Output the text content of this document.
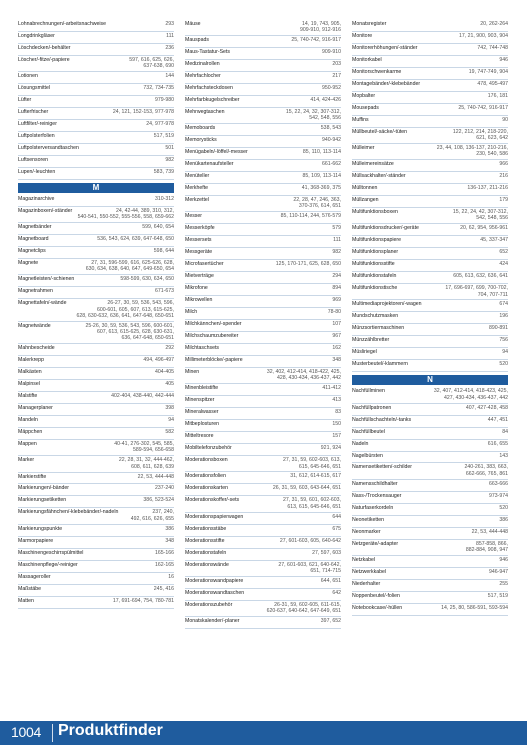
Lohnabrechnungen/-arbeitsnachweise	293
Longdrinkgläser	111
Löschdecken/-behälter	236
Löscher/-fitze/-papiere	597, 616, 625, 626,
637-638, 690
Lotionen	144
Lösungsmittel	732, 734-735
Lüfter	979-980
Lufterfrischer	24, 121, 152-153, 977-978
Luftfilter/-reiniger	24, 977-978
Luftpolsterfolien	517, 519
Luftpolsterversandtaschen	501
Luftsensoren	982
Lupen/-leuchten	583, 739
M
Magazinarchive	310-312
Magazinboxen/-ständer	24, 42-44, 389, 310, 312,
540-541, 550-552, 555-556, 558, 659-662
Magnetbänder	599, 640, 654
Magnetboard	536, 543, 624, 639, 647-648, 650
Magnetclips	598, 644
Magnete	27, 31, 596-599, 616, 625-626, 628,
630, 634, 638, 640, 647, 649-650, 654
Magnetleisten/-schienen	598-599, 630, 634, 650
Magnetrahmen	671-673
Magnettafeln/-wände	26-27, 30, 59, 536, 543, 596,
600-601, 605, 607, 613, 615-625,
628, 630-632, 636, 641, 647-648, 650-651
Magnetwände	25-26, 30, 59, 536, 543, 596, 600-601,
607, 613, 615-625, 628, 630-631,
636, 647-648, 650-651
Mahnbescheide	292
Malerkrepp	494, 496-497
Malkästen	404-405
Malpinsel	405
Malstifte	402-404, 438-440, 442-444
Managerplaner	398
Mandeln	94
Mäppchen	582
Mappen	40-41, 276-302, 545, 585,
589-594, 656-658
Marker	22, 28, 31, 32, 444-462,
608, 611, 628, 639
Markierstifte	22, 53, 444-448
Markierungen/-bänder	237-240
Markierungsetiketten	386, 523-524
Markierungsfähnchen/-klebebänder/-nadeln	237, 240,
492, 616, 626, 655
Markierungspunkte	386
Marmorpapiere	348
Maschinengeschirrspülmittel	165-166
Maschinenpflege/-reiniger	162-165
Massageroller	16
Maßstäbe	245, 416
Matten	17, 691-694, 754, 780-781
Mäuse	14, 19, 743, 905,
909-910, 912-916
Mauspads	25, 740-742, 916-917
Maus-Tastatur-Sets	909-910
Medizinalrollen	203
Mehrfachlocher	217
Mehrfachsteckdosen	950-952
Mehrfarbkugelschreiber	414, 424-426
Mehrwegtaschen	15, 22, 24, 32, 307-312,
542, 548, 556
Memoboards	538, 543
Memorysticks	940-942
Menügabeln/-löffel/-messer	85, 110, 113-114
Menükartenaufsteller	661-662
Menüteller	85, 109, 113-114
Merkhefte	41, 368-369, 375
Merkzettel	22, 28, 47, 246, 363,
370-376, 614, 651
Messer	85, 110-114, 244, 576-579
Messerköpfe	579
Messersets	111
Messgeräte	982
Microfasertücher	125, 170-171, 625, 628, 650
Mietverträge	294
Mikrofone	894
Mikrowellen	969
Milch	78-80
Milchkännchen/-spender	107
Milchschaumzubereiter	967
Milchtaschsets	162
Millimeterblöcke/-papiere	348
Minen	32, 402, 412-414, 418-422, 425,
428, 430-434, 436-437, 442
Minenbleistifte	411-412
Minenspitzer	413
Mineralwasser	83
Mitbeplosturen	150
Mitteltresore	157
Mobiltelefonzubehör	921, 924
Moderationsboxen	27, 31, 59, 602-603, 613,
615, 645-646, 651
Moderationsfolien	31, 612, 614-615, 617
Moderationskarten	26, 31, 59, 603, 643-644, 651
Moderationskoffer/-sets	27, 31, 59, 601, 602-603,
613, 615, 645-646, 651
Moderationspapierwagen	644
Moderationsstäbe	675
Moderationsstifte	27, 601-603, 605, 640-642
Moderationstafeln	27, 597, 603
Moderationswände	27, 601-603, 621, 640-642,
651, 714-715
Moderationswandpapiere	644, 651
Moderationswandtaschen	642
Moderationszubehör	26-31, 59, 602-605, 611-615,
620-637, 640-642, 647-649, 651
Monatskalender/-planer	397, 652
Monatsregister	20, 262-264
Monitore	17, 21, 900, 903, 904
Monitorerhöhungen/-ständer	742, 744-748
Monitorkabel	946
Monitorschwenkarme	19, 747-749, 904
Montagebänder/-klebebänder	478, 495-497
Mopbalter	176, 181
Mousepads	25, 740-742, 916-917
Muffins	90
Müllbeutel/-säcke/-tüten	122, 212, 214, 218-220,
621, 623, 642
Mülleimer	23, 44, 108, 136-137, 210-216,
230, 540, 586
Mülleimereinsätze	966
Müllsackhalter/-ständer	216
Mülltonnen	136-137, 211-216
Müllzangen	179
Multifunktionsboxen	15, 22, 24, 42, 307-312,
542, 548, 556
Multifunktionsdrucker/-geräte	20, 62, 954, 956-961
Multifunktionspapiere	45, 337-347
Multifunktionsplaner	652
Multifunktionsstifte	424
Multifunktionstafeln	605, 613, 632, 636, 641
Multifunktionstische	17, 696-697, 699, 700-702,
704, 707-711
Multimediaprojektoren/-wagen	674
Mundschutzmasken	196
Münzsortiermaschinen	890-891
Münzzählbretter	756
Müsliriegel	94
Musterbeutel/-klammern	520
N
Nachfüllminen	32, 407, 412-414, 418-423, 425,
427, 430-434, 436-437, 442
Nachfüllpatronen	407, 427-428, 458
Nachfüllschachteln/-tanks	447, 451
Nachfüllbeutel	84
Nadeln	616, 655
Nagelbürsten	143
Namensetiketten/-schilder	240-261, 383, 663,
662-666, 765, 861
Namensschildhalter	663-666
Nass-/Trockensauger	973-974
Naturfaserkordeln	520
Neonetiketten	386
Neonmarker	22, 53, 444-448
Netzgeräte/-adapter	857-858, 866,
882-884, 908, 947
Netzkabel	946
Netzwerkkabel	946-947
Niederhalter	255
Noppenbeutel/-folien	517, 519
Notebookcase/-hüllen	14, 25, 80, 586-591, 593-594
1004 Produktfinder
